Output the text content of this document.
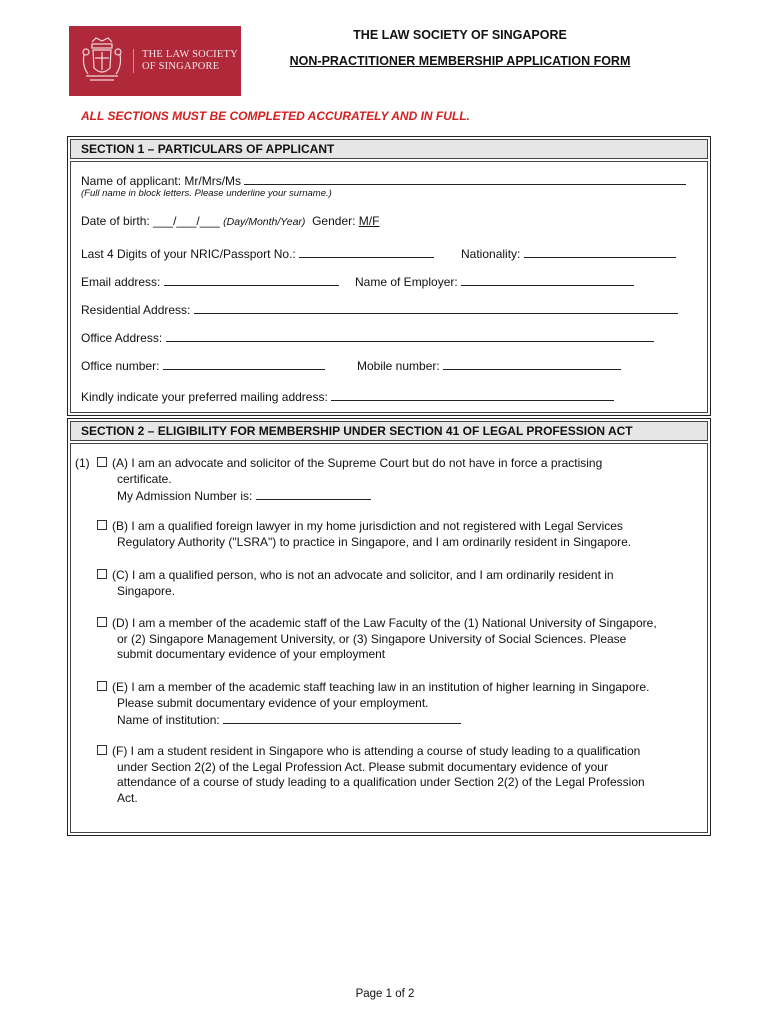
THE LAW SOCIETY
OF SINGAPORE
THE LAW SOCIETY OF SINGAPORE
NON-PRACTITIONER MEMBERSHIP APPLICATION FORM
ALL SECTIONS MUST BE COMPLETED ACCURATELY AND IN FULL.
SECTION 1 – PARTICULARS OF APPLICANT
Name of applicant: Mr/Mrs/Ms
(Full name in block letters. Please underline your surname.)
Date of birth: ___/___/___ (Day/Month/Year) Gender: M/F
Last 4 Digits of your NRIC/Passport No.:	Nationality:
Email address:	Name of Employer:
Residential Address:
Office Address:
Office number:	Mobile number:
Kindly indicate your preferred mailing address:
SECTION 2 – ELIGIBILITY FOR MEMBERSHIP UNDER SECTION 41 OF LEGAL PROFESSION ACT
(1) (A) I am an advocate and solicitor of the Supreme Court but do not have in force a practising
certificate.
My Admission Number is:
(B) I am a qualified foreign lawyer in my home jurisdiction and not registered with Legal Services
Regulatory Authority ("LSRA") to practice in Singapore, and I am ordinarily resident in Singapore.
(C) I am a qualified person, who is not an advocate and solicitor, and I am ordinarily resident in
Singapore.
(D) I am a member of the academic staff of the Law Faculty of the (1) National University of Singapore,
or (2) Singapore Management University, or (3) Singapore University of Social Sciences. Please
submit documentary evidence of your employment
(E) I am a member of the academic staff teaching law in an institution of higher learning in Singapore.
Please submit documentary evidence of your employment.
Name of institution:
(F) I am a student resident in Singapore who is attending a course of study leading to a qualification
under Section 2(2) of the Legal Profession Act. Please submit documentary evidence of your
attendance of a course of study leading to a qualification under Section 2(2) of the Legal Profession
Act.
Page 1 of 2
